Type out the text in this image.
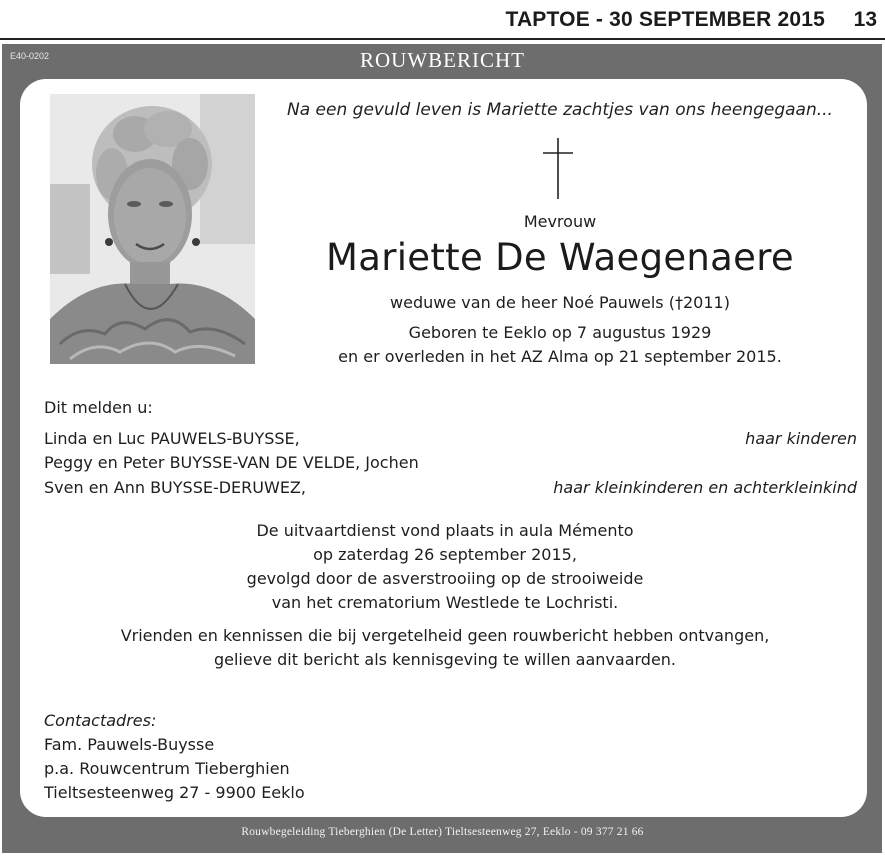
TAPTOE - 30 SEPTEMBER 2015 13
E40-0202	ROUWBERICHT
Na een gevuld leven is Mariette zachtjes van ons heengegaan...
Mevrouw
Mariette De Waegenaere
weduwe van de heer Noé Pauwels (†2011)
Geboren te Eeklo op 7 augustus 1929
en er overleden in het AZ Alma op 21 september 2015.
Dit melden u:
Linda en Luc PAUWELS-BUYSSE,	haar kinderen
Peggy en Peter BUYSSE-VAN DE VELDE, Jochen
Sven en Ann BUYSSE-DERUWEZ,	haar kleinkinderen en achterkleinkind
De uitvaartdienst vond plaats in aula Mémento
op zaterdag 26 september 2015,
gevolgd door de asverstrooiing op de strooiweide
van het crematorium Westlede te Lochristi.
Vrienden en kennissen die bij vergetelheid geen rouwbericht hebben ontvangen,
gelieve dit bericht als kennisgeving te willen aanvaarden.
Contactadres:
Fam. Pauwels-Buysse
p.a. Rouwcentrum Tieberghien
Tieltsesteenweg 27 - 9900 Eeklo
Rouwbegeleiding Tieberghien (De Letter) Tieltsesteenweg 27, Eeklo - 09 377 21 66
